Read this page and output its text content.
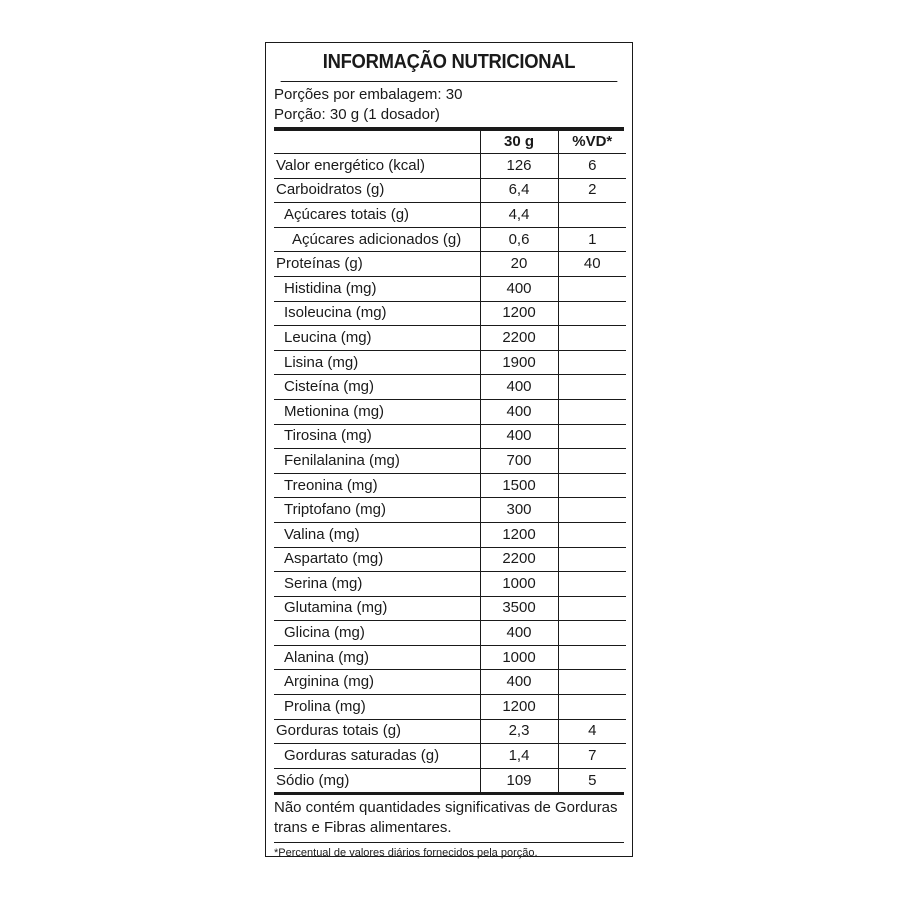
INFORMAÇÃO NUTRICIONAL
Porções por embalagem: 30
Porção: 30 g (1 dosador)
	30 g	%VD*
Valor energético (kcal)	126	6
Carboidratos (g)	6,4	2
Açúcares totais (g)	4,4	
Açúcares adicionados (g)	0,6	1
Proteínas (g)	20	40
Histidina (mg)	400	
Isoleucina (mg)	1200	
Leucina (mg)	2200	
Lisina (mg)	1900	
Cisteína (mg)	400	
Metionina (mg)	400	
Tirosina (mg)	400	
Fenilalanina (mg)	700	
Treonina (mg)	1500	
Triptofano (mg)	300	
Valina (mg)	1200	
Aspartato (mg)	2200	
Serina (mg)	1000	
Glutamina (mg)	3500	
Glicina (mg)	400	
Alanina (mg)	1000	
Arginina (mg)	400	
Prolina (mg)	1200	
Gorduras totais (g)	2,3	4
Gorduras saturadas (g)	1,4	7
Sódio (mg)	109	5
Não contém quantidades significativas de Gorduras trans e Fibras alimentares.
*Percentual de valores diários fornecidos pela porção.
